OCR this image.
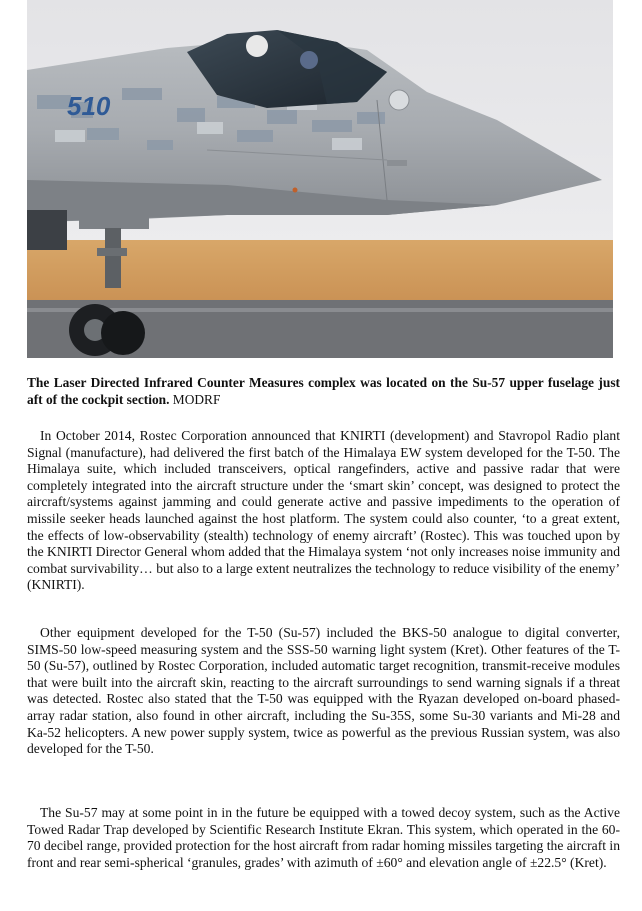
510
The Laser Directed Infrared Counter Measures complex was located on the Su-57 upper fuselage just aft of the cockpit section. MODRF

In October 2014, Rostec Corporation announced that KNIRTI (development) and Stavropol Radio plant Signal (manufacture), had delivered the first batch of the Himalaya EW system developed for the T-50. The Himalaya suite, which included transceivers, optical rangefinders, active and passive radar that were completely integrated into the aircraft structure under the ‘smart skin’ concept, was designed to protect the aircraft/systems against jamming and could generate active and passive impediments to the operation of missile seeker heads launched against the host platform. The system could also counter, ‘to a great extent, the effects of low-observability (stealth) technology of enemy aircraft’ (Rostec). This was touched upon by the KNIRTI Director General whom added that the Himalaya system ‘not only increases noise immunity and combat survivability… but also to a large extent neutralizes the technology to reduce visibility of the enemy’ (KNIRTI).

Other equipment developed for the T-50 (Su-57) included the BKS-50 analogue to digital converter, SIMS-50 low-speed measuring system and the SSS-50 warning light system (Kret). Other features of the T-50 (Su-57), outlined by Rostec Corporation, included automatic target recognition, transmit-receive modules that were built into the aircraft skin, reacting to the aircraft surroundings to send warning signals if a threat was detected. Rostec also stated that the T-50 was equipped with the Ryazan developed on-board phased-array radar station, also found in other aircraft, including the Su-35S, some Su-30 variants and Mi-28 and Ka-52 helicopters. A new power supply system, twice as powerful as the previous Russian system, was also developed for the T-50.

The Su-57 may at some point in in the future be equipped with a towed decoy system, such as the Active Towed Radar Trap developed by Scientific Research Institute Ekran. This system, which operated in the 60-70 decibel range, provided protection for the host aircraft from radar homing missiles targeting the aircraft in front and rear semi-spherical ‘granules, grades’ with azimuth of ±60° and elevation angle of ±22.5° (Kret).
